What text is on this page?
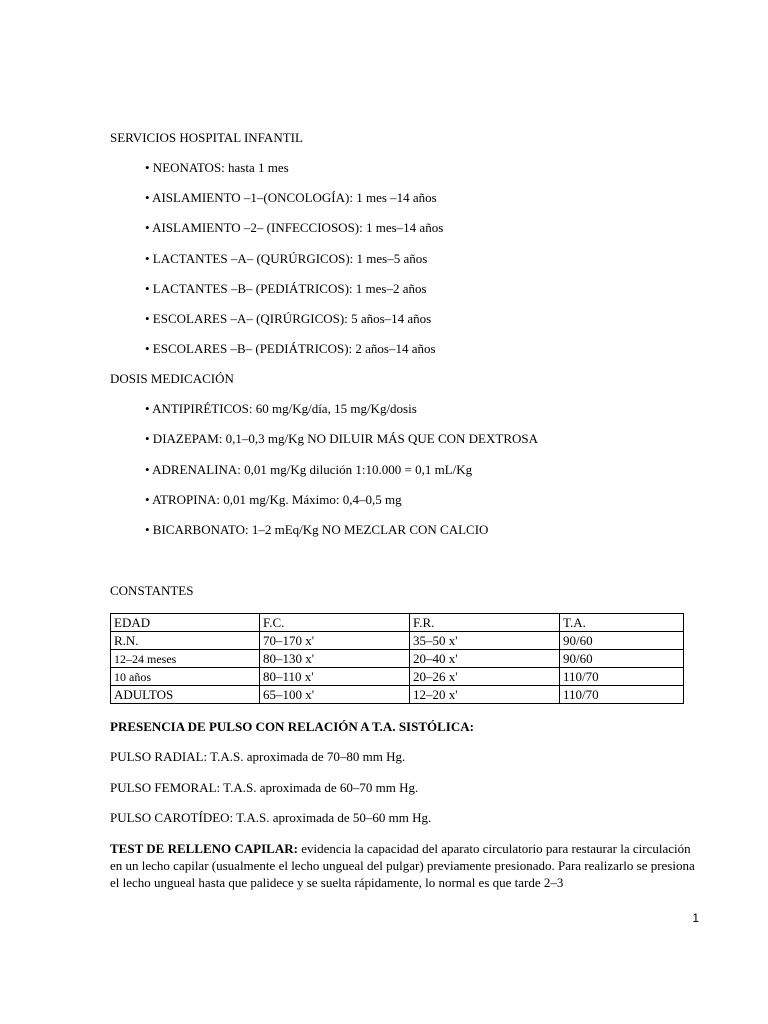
SERVICIOS HOSPITAL INFANTIL
• NEONATOS: hasta 1 mes
• AISLAMIENTO –1–(ONCOLOGÍA): 1 mes –14 años
• AISLAMIENTO –2– (INFECCIOSOS): 1 mes–14 años
• LACTANTES –A– (QURÚRGICOS): 1 mes–5 años
• LACTANTES –B– (PEDIÁTRICOS): 1 mes–2 años
• ESCOLARES –A– (QIRÚRGICOS): 5 años–14 años
• ESCOLARES –B– (PEDIÁTRICOS): 2 años–14 años
DOSIS MEDICACIÓN
• ANTIPIRÉTICOS: 60 mg/Kg/día, 15 mg/Kg/dosis
• DIAZEPAM: 0,1–0,3 mg/Kg NO DILUIR MÁS QUE CON DEXTROSA
• ADRENALINA: 0,01 mg/Kg dilución 1:10.000 = 0,1 mL/Kg
• ATROPINA: 0,01 mg/Kg. Máximo: 0,4–0,5 mg
• BICARBONATO: 1–2 mEq/Kg NO MEZCLAR CON CALCIO
CONSTANTES
EDAD	F.C.	F.R.	T.A.
R.N.	70–170 x'	35–50 x'	90/60
12–24 meses	80–130 x'	20–40 x'	90/60
10 años	80–110 x'	20–26 x'	110/70
ADULTOS	65–100 x'	12–20 x'	110/70
PRESENCIA DE PULSO CON RELACIÓN A T.A. SISTÓLICA:
PULSO RADIAL: T.A.S. aproximada de 70–80 mm Hg.
PULSO FEMORAL: T.A.S. aproximada de 60–70 mm Hg.
PULSO CAROTÍDEO: T.A.S. aproximada de 50–60 mm Hg.
TEST DE RELLENO CAPILAR: evidencia la capacidad del aparato circulatorio para restaurar la circulación en un lecho capilar (usualmente el lecho ungueal del pulgar) previamente presionado. Para realizarlo se presiona el lecho ungueal hasta que palidece y se suelta rápidamente, lo normal es que tarde 2–3
1
